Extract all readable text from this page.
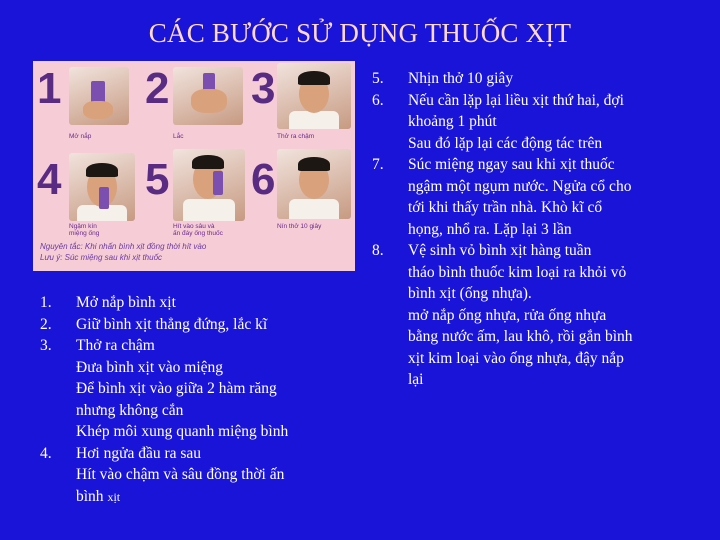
CÁC BƯỚC SỬ DỤNG THUỐC XỊT
1
Mở nắp
2
Lắc
3
Thở ra chậm
4
Ngậm kín
miệng ống
5
Hít vào sâu và
ấn đáy ống thuốc
6
Nín thở 10 giây
Nguyên tắc: Khi nhấn bình xịt đồng thời hít vào
Lưu ý: Súc miệng sau khi xịt thuốc
1.	Mở nắp bình xịt
2.	Giữ bình xịt thẳng đứng, lắc kĩ
3.	Thở ra chậm
Đưa bình xịt vào miệng
Để bình xịt vào giữa 2 hàm răng
nhưng không cắn
Khép môi xung quanh miệng bình
4.	Hơi ngửa đầu ra sau
Hít vào chậm và sâu đồng thời ấn
bình xịt
5.	Nhịn thở 10 giây
6.	Nếu cần lặp lại liều xịt thứ hai, đợi
khoảng 1 phút
Sau đó lặp lại các động tác trên
7.	Súc miệng ngay sau khi xịt thuốc
ngậm một ngụm nước. Ngửa cổ cho
tới khi thấy trần nhà. Khò kĩ cổ
họng, nhổ ra. Lặp lại 3 lần
8.	Vệ sinh vỏ bình xịt hàng tuần
tháo bình thuốc kim loại ra khỏi vỏ
bình xịt (ống nhựa).
mở nắp ống nhựa, rửa ống nhựa
bằng nước ấm, lau khô, rồi gắn bình
xịt kim loại vào ống nhựa, đậy nắp
lại
